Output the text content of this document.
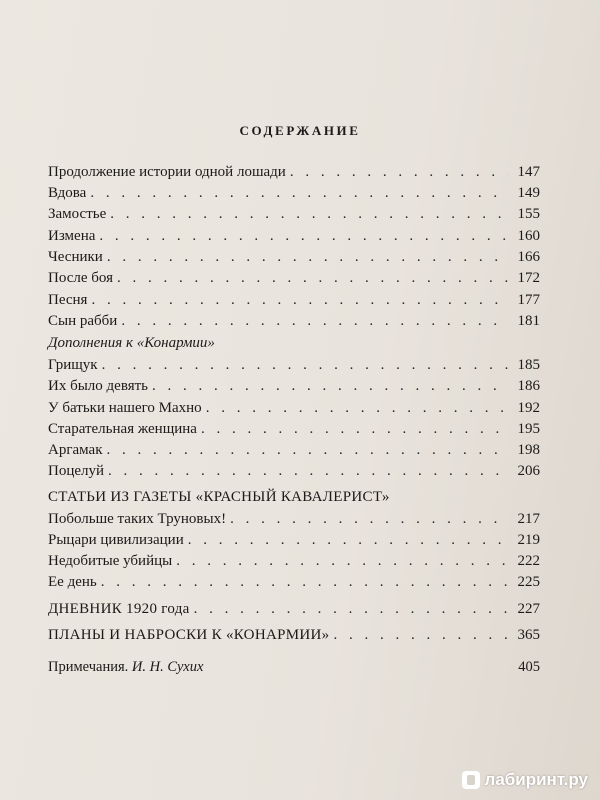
СОДЕРЖАНИЕ
Продолжение истории одной лошади . . .	147
Вдова . . .	149
Замостье . . .	155
Измена . . .	160
Чесники . . .	166
После боя . . .	172
Песня . . .	177
Сын рабби . . .	181
Дополнения к «Конармии»
Грищук . . .	185
Их было девять . . .	186
У батьки нашего Махно . . .	192
Старательная женщина . . .	195
Аргамак . . .	198
Поцелуй . . .	206
СТАТЬИ ИЗ ГАЗЕТЫ «КРАСНЫЙ КАВАЛЕРИСТ»
Побольше таких Труновых! . . .	217
Рыцари цивилизации . . .	219
Недобитые убийцы . . .	222
Ее день . . .	225
ДНЕВНИК 1920 года . . .	227
ПЛАНЫ И НАБРОСКИ К «КОНАРМИИ» . . .	365
Примечания. И. Н. Сухих	405
лабиринт.ру
